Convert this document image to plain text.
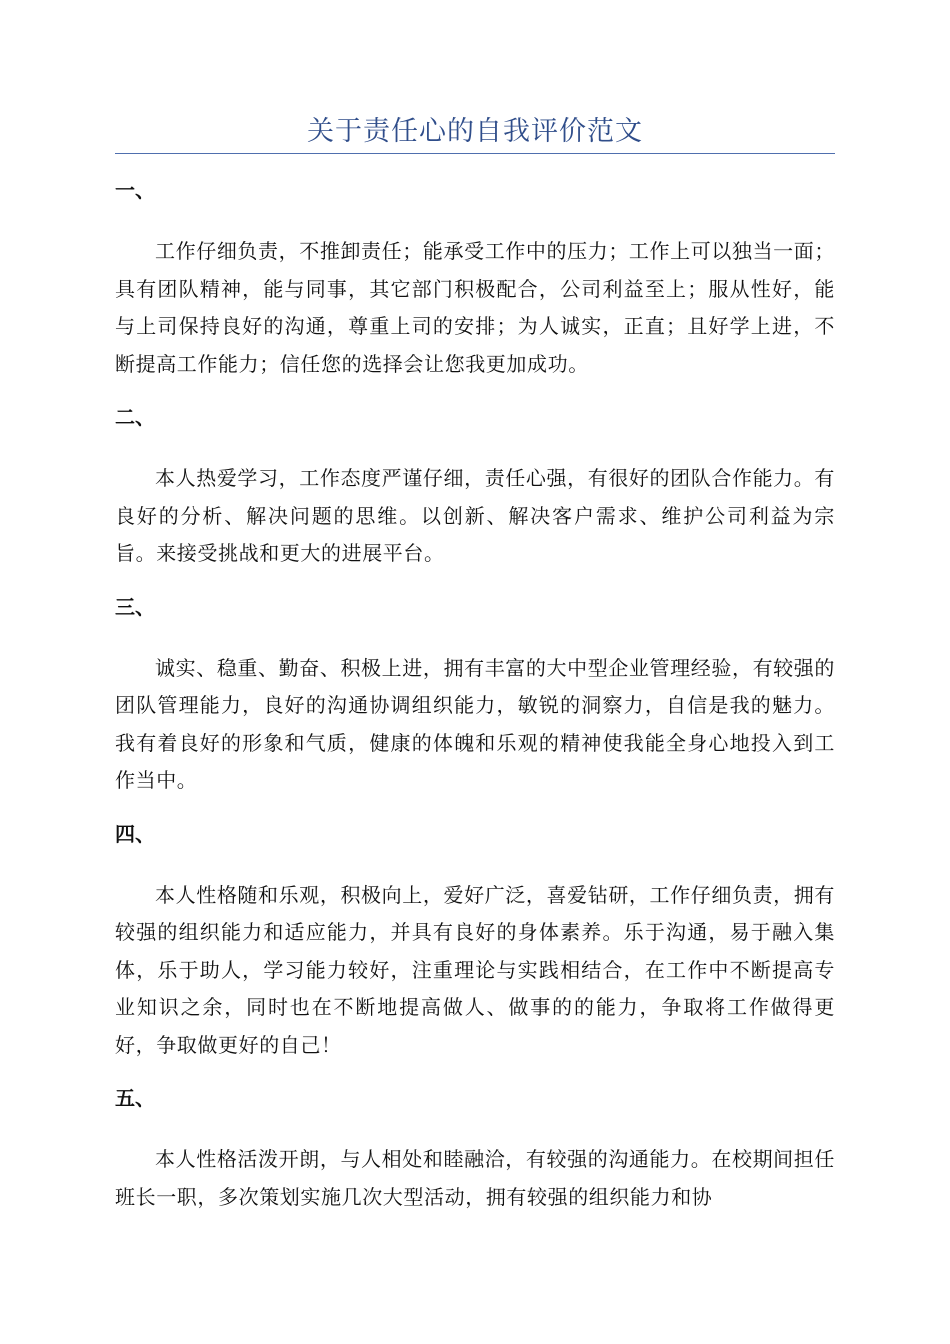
关于责任心的自我评价范文
一、

工作仔细负责，不推卸责任；能承受工作中的压力；工作上可以独当一面；具有团队精神，能与同事，其它部门积极配合，公司利益至上；服从性好，能与上司保持良好的沟通，尊重上司的安排；为人诚实，正直；且好学上进，不断提高工作能力；信任您的选择会让您我更加成功。

二、

本人热爱学习，工作态度严谨仔细，责任心强，有很好的团队合作能力。有良好的分析、解决问题的思维。以创新、解决客户需求、维护公司利益为宗旨。来接受挑战和更大的进展平台。

三、

诚实、稳重、勤奋、积极上进，拥有丰富的大中型企业管理经验，有较强的团队管理能力，良好的沟通协调组织能力，敏锐的洞察力，自信是我的魅力。我有着良好的形象和气质，健康的体魄和乐观的精神使我能全身心地投入到工作当中。

四、

本人性格随和乐观，积极向上，爱好广泛，喜爱钻研，工作仔细负责，拥有较强的组织能力和适应能力，并具有良好的身体素养。乐于沟通，易于融入集体，乐于助人，学习能力较好，注重理论与实践相结合，在工作中不断提高专业知识之余，同时也在不断地提高做人、做事的的能力，争取将工作做得更好，争取做更好的自己！

五、

本人性格活泼开朗，与人相处和睦融洽，有较强的沟通能力。在校期间担任班长一职，多次策划实施几次大型活动，拥有较强的组织能力和协
